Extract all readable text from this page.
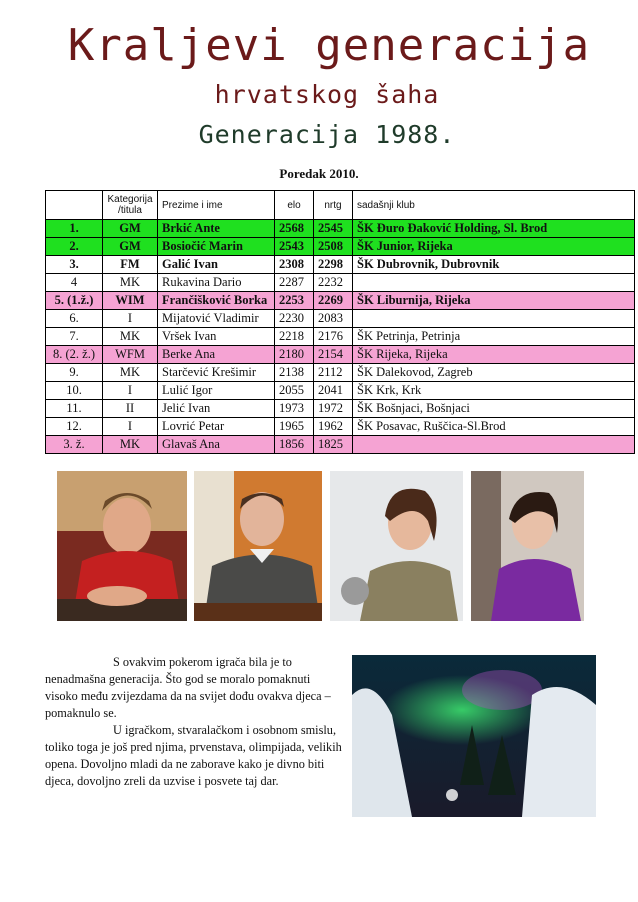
Kraljevi generacija
hrvatskog šaha
Generacija 1988.
Poredak 2010.
	Kategorija /titula	Prezime i ime	elo	nrtg	sadašnji klub
1.	GM	Brkić Ante	2568	2545	ŠK Đuro Đaković Holding, Sl. Brod
2.	GM	Bosiočić Marin	2543	2508	ŠK Junior, Rijeka
3.	FM	Galić Ivan	2308	2298	ŠK Dubrovnik, Dubrovnik
4	MK	Rukavina Dario	2287	2232	
5. (1.ž.)	WIM	Frančišković Borka	2253	2269	ŠK Liburnija, Rijeka
6.	I	Mijatović Vladimir	2230	2083	
7.	MK	Vršek Ivan	2218	2176	ŠK Petrinja, Petrinja
8. (2. ž.)	WFM	Berke Ana	2180	2154	ŠK Rijeka, Rijeka
9.	MK	Starčević Krešimir	2138	2112	ŠK Dalekovod, Zagreb
10.	I	Lulić Igor	2055	2041	ŠK Krk, Krk
11.	II	Jelić Ivan	1973	1972	ŠK Bošnjaci, Bošnjaci
12.	I	Lovrić Petar	1965	1962	ŠK Posavac, Ruščica-Sl.Brod
3. ž.	MK	Glavaš Ana	1856	1825	

S ovakvim pokerom igrača bila je to nenadmašna generacija. Što god se moralo pomaknuti visoko među zvijezdama da na svijet dođu ovakva djeca – pomaknulo se.

U igračkom, stvaralačkom i osobnom smislu, toliko toga je još pred njima, prvenstava, olimpijada, velikih opena. Dovoljno mladi da ne zaborave kako je divno biti djeca, dovoljno zreli da uzvise i posvete taj dar.
